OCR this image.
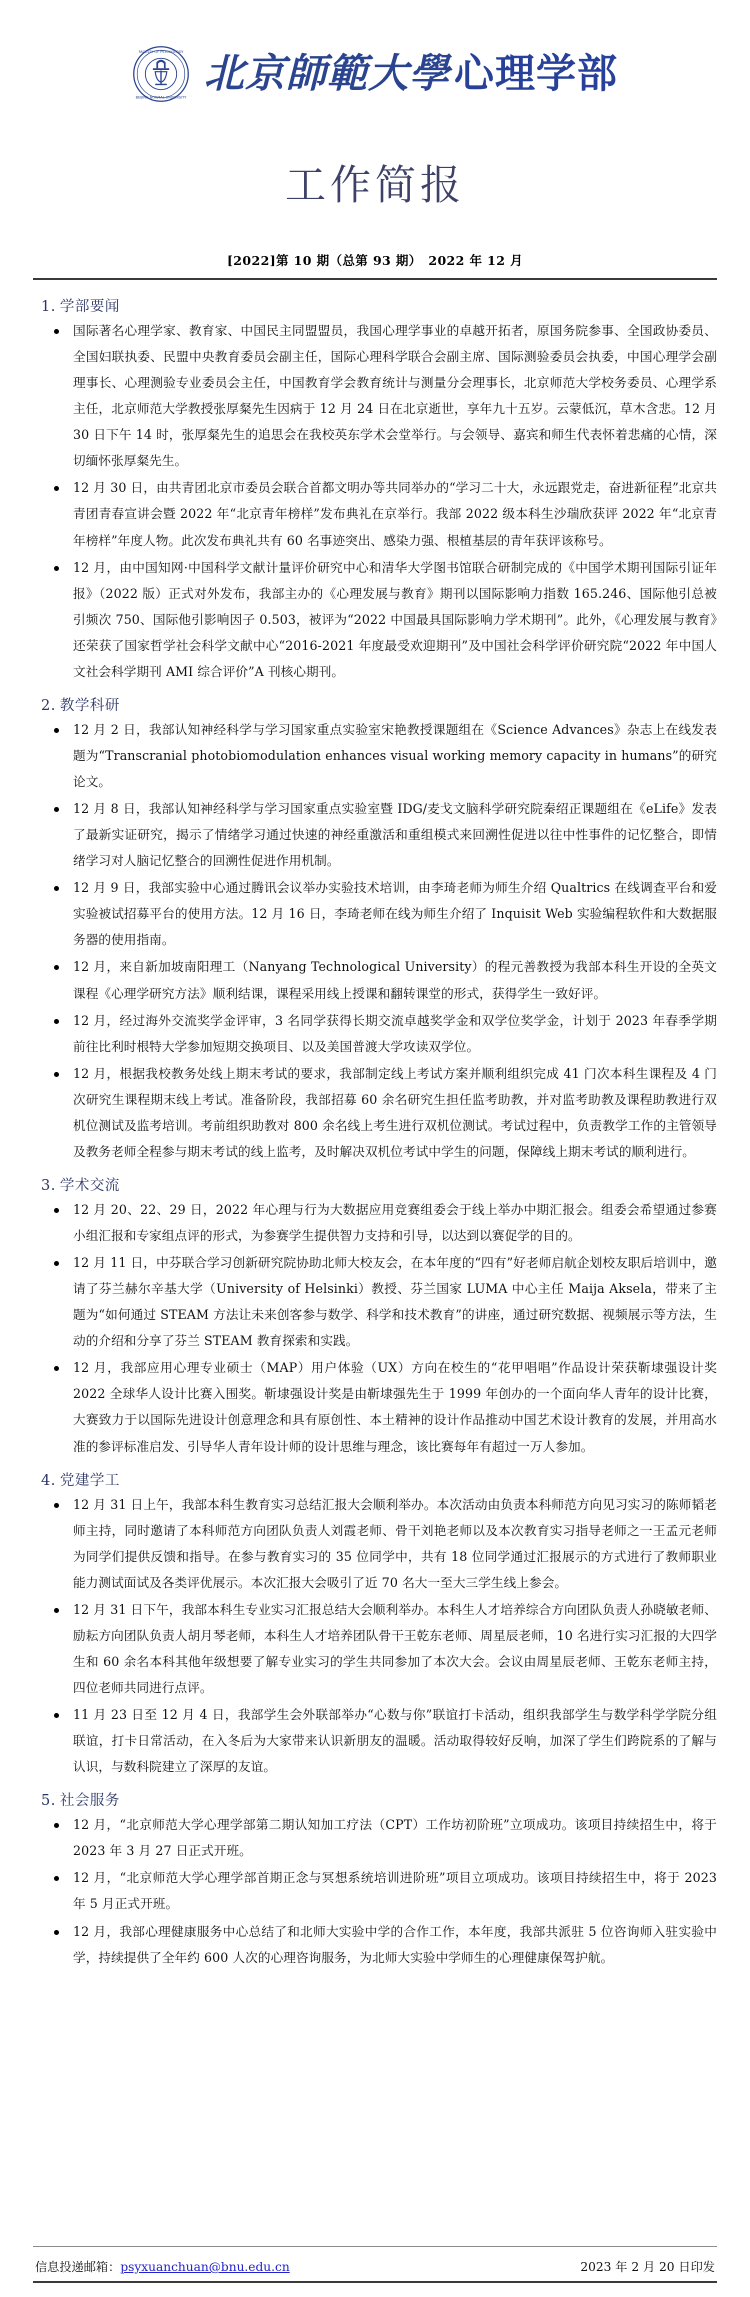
FACULTY OF PSYCHOLOGY
BEIJING NORMAL UNIVERSITY
北京師範大學 心理学部
工作简报
[2022]第 10 期（总第 93 期）　2022 年 12 月
1. 学部要闻
国际著名心理学家、教育家、中国民主同盟盟员，我国心理学事业的卓越开拓者，原国务院参事、全国政协委员、全国妇联执委、民盟中央教育委员会副主任，国际心理科学联合会副主席、国际测验委员会执委，中国心理学会副理事长、心理测验专业委员会主任，中国教育学会教育统计与测量分会理事长，北京师范大学校务委员、心理学系主任，北京师范大学教授张厚粲先生因病于 12 月 24 日在北京逝世，享年九十五岁。云蒙低沉，草木含悲。12 月 30 日下午 14 时，张厚粲先生的追思会在我校英东学术会堂举行。与会领导、嘉宾和师生代表怀着悲痛的心情，深切缅怀张厚粲先生。
12 月 30 日，由共青团北京市委员会联合首都文明办等共同举办的“学习二十大，永远跟党走，奋进新征程”北京共青团青春宣讲会暨 2022 年“北京青年榜样”发布典礼在京举行。我部 2022 级本科生沙瑞欣获评 2022 年“北京青年榜样”年度人物。此次发布典礼共有 60 名事迹突出、感染力强、根植基层的青年获评该称号。
12 月，由中国知网·中国科学文献计量评价研究中心和清华大学图书馆联合研制完成的《中国学术期刊国际引证年报》（2022 版）正式对外发布，我部主办的《心理发展与教育》期刊以国际影响力指数 165.246、国际他引总被引频次 750、国际他引影响因子 0.503，被评为“2022 中国最具国际影响力学术期刊”。此外，《心理发展与教育》还荣获了国家哲学社会科学文献中心“2016-2021 年度最受欢迎期刊”及中国社会科学评价研究院“2022 年中国人文社会科学期刊 AMI 综合评价”A 刊核心期刊。
2. 教学科研
12 月 2 日，我部认知神经科学与学习国家重点实验室宋艳教授课题组在《Science Advances》杂志上在线发表题为“Transcranial photobiomodulation enhances visual working memory capacity in humans”的研究论文。
12 月 8 日，我部认知神经科学与学习国家重点实验室暨 IDG/麦戈文脑科学研究院秦绍正课题组在《eLife》发表了最新实证研究，揭示了情绪学习通过快速的神经重激活和重组模式来回溯性促进以往中性事件的记忆整合，即情绪学习对人脑记忆整合的回溯性促进作用机制。
12 月 9 日，我部实验中心通过腾讯会议举办实验技术培训，由李琦老师为师生介绍 Qualtrics 在线调查平台和爱实验被试招募平台的使用方法。12 月 16 日，李琦老师在线为师生介绍了 Inquisit Web 实验编程软件和大数据服务器的使用指南。
12 月，来自新加坡南阳理工（Nanyang Technological University）的程元善教授为我部本科生开设的全英文课程《心理学研究方法》顺利结课，课程采用线上授课和翻转课堂的形式，获得学生一致好评。
12 月，经过海外交流奖学金评审，3 名同学获得长期交流卓越奖学金和双学位奖学金，计划于 2023 年春季学期前往比利时根特大学参加短期交换项目、以及美国普渡大学攻读双学位。
12 月，根据我校教务处线上期末考试的要求，我部制定线上考试方案并顺利组织完成 41 门次本科生课程及 4 门次研究生课程期末线上考试。准备阶段，我部招募 60 余名研究生担任监考助教，并对监考助教及课程助教进行双机位测试及监考培训。考前组织助教对 800 余名线上考生进行双机位测试。考试过程中，负责教学工作的主管领导及教务老师全程参与期末考试的线上监考，及时解决双机位考试中学生的问题，保障线上期末考试的顺利进行。
3. 学术交流
12 月 20、22、29 日，2022 年心理与行为大数据应用竞赛组委会于线上举办中期汇报会。组委会希望通过参赛小组汇报和专家组点评的形式，为参赛学生提供智力支持和引导，以达到以赛促学的目的。
12 月 11 日，中芬联合学习创新研究院协助北师大校友会，在本年度的“四有”好老师启航企划校友职后培训中，邀请了芬兰赫尔辛基大学（University of Helsinki）教授、芬兰国家 LUMA 中心主任 Maija Aksela，带来了主题为“如何通过 STEAM 方法让未来创客参与数学、科学和技术教育”的讲座，通过研究数据、视频展示等方法，生动的介绍和分享了芬兰 STEAM 教育探索和实践。
12 月，我部应用心理专业硕士（MAP）用户体验（UX）方向在校生的“花甲唱唱”作品设计荣获靳埭强设计奖 2022 全球华人设计比赛入围奖。靳埭强设计奖是由靳埭强先生于 1999 年创办的一个面向华人青年的设计比赛，大赛致力于以国际先进设计创意理念和具有原创性、本土精神的设计作品推动中国艺术设计教育的发展，并用高水准的参评标准启发、引导华人青年设计师的设计思维与理念，该比赛每年有超过一万人参加。
4. 党建学工
12 月 31 日上午，我部本科生教育实习总结汇报大会顺利举办。本次活动由负责本科师范方向见习实习的陈师韬老师主持，同时邀请了本科师范方向团队负责人刘霞老师、骨干刘艳老师以及本次教育实习指导老师之一王孟元老师为同学们提供反馈和指导。在参与教育实习的 35 位同学中，共有 18 位同学通过汇报展示的方式进行了教师职业能力测试面试及各类评优展示。本次汇报大会吸引了近 70 名大一至大三学生线上参会。
12 月 31 日下午，我部本科生专业实习汇报总结大会顺利举办。本科生人才培养综合方向团队负责人孙晓敏老师、励耘方向团队负责人胡月琴老师，本科生人才培养团队骨干王乾东老师、周星辰老师，10 名进行实习汇报的大四学生和 60 余名本科其他年级想要了解专业实习的学生共同参加了本次大会。会议由周星辰老师、王乾东老师主持，四位老师共同进行点评。
11 月 23 日至 12 月 4 日，我部学生会外联部举办“心数与你”联谊打卡活动，组织我部学生与数学科学学院分组联谊，打卡日常活动，在入冬后为大家带来认识新朋友的温暖。活动取得较好反响，加深了学生们跨院系的了解与认识，与数科院建立了深厚的友谊。
5. 社会服务
12 月，“北京师范大学心理学部第二期认知加工疗法（CPT）工作坊初阶班”立项成功。该项目持续招生中，将于 2023 年 3 月 27 日正式开班。
12 月，“北京师范大学心理学部首期正念与冥想系统培训进阶班”项目立项成功。该项目持续招生中，将于 2023 年 5 月正式开班。
12 月，我部心理健康服务中心总结了和北师大实验中学的合作工作，本年度，我部共派驻 5 位咨询师入驻实验中学，持续提供了全年约 600 人次的心理咨询服务，为北师大实验中学师生的心理健康保驾护航。
信息投递邮箱：psyxuanchuan@bnu.edu.cn	2023 年 2 月 20 日印发
